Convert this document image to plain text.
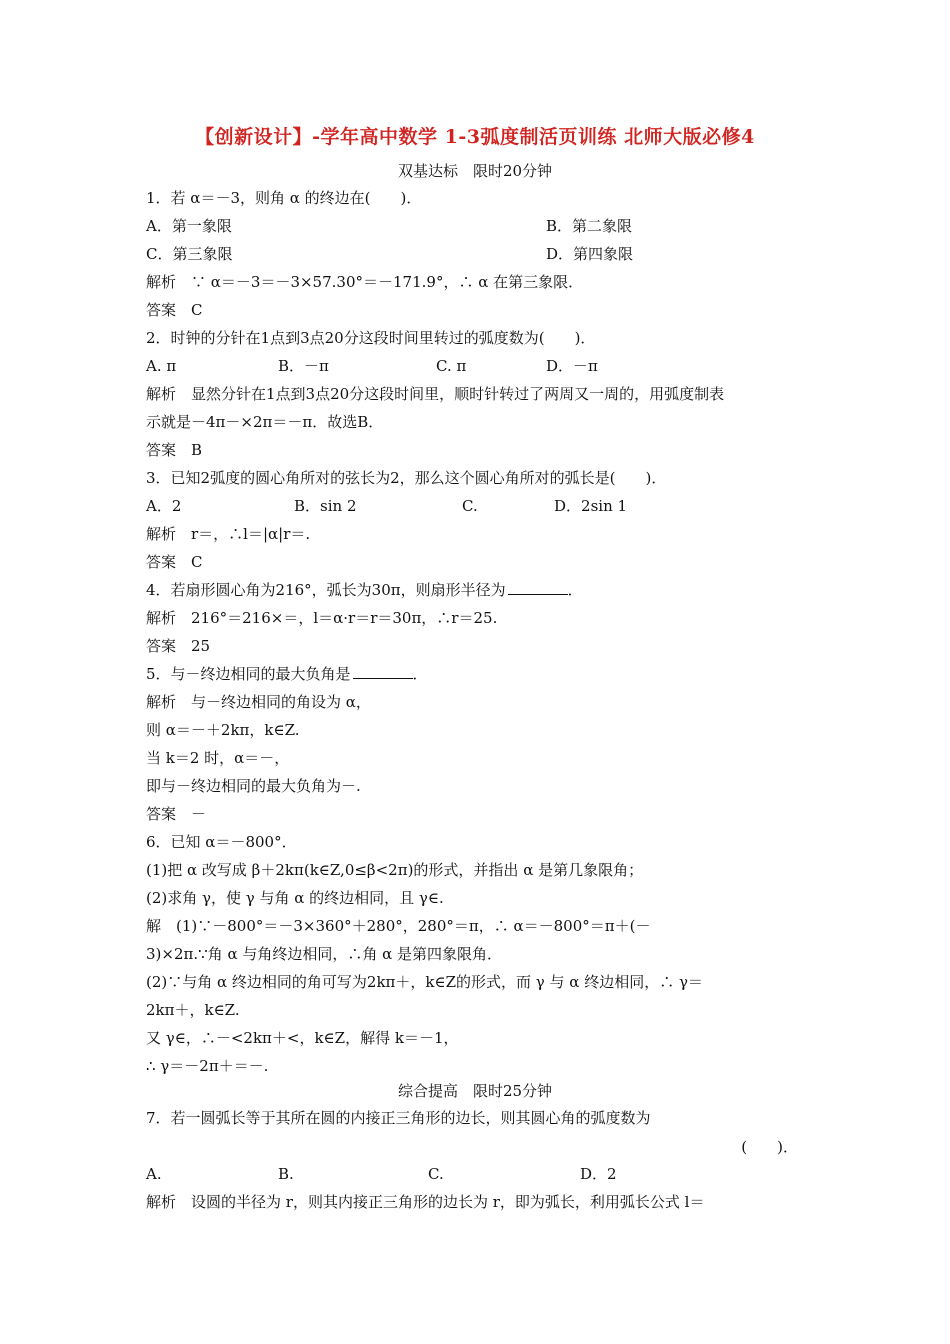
【创新设计】-学年高中数学 1-3弧度制活页训练 北师大版必修4
双基达标　限时20分钟
1．若 α＝－3，则角 α 的终边在(　　)．
A．第一象限	B．第二象限
C．第三象限	D．第四象限
解析　∵ α＝－3＝－3×57.30°＝－171.9°，∴ α 在第三象限．
答案　C
2．时钟的分针在1点到3点20分这段时间里转过的弧度数为(　　)．
A. π	B．－π	C. π	D．－π
解析　显然分针在1点到3点20分这段时间里，顺时针转过了两周又一周的，用弧度制表
示就是－4π－×2π＝－π．故选B．
答案　B
3．已知2弧度的圆心角所对的弦长为2，那么这个圆心角所对的弧长是(　　)．
A．2	B．sin 2	C.	D．2sin 1
解析　r＝，∴l＝|α|r＝.
答案　C
4．若扇形圆心角为216°，弧长为30π，则扇形半径为	．
解析　216°＝216×＝，l＝α·r＝r＝30π，∴r＝25.
答案　25
5．与－终边相同的最大负角是	．
解析　与－终边相同的角设为 α，
则 α＝－＋2kπ，k∈Z.
当 k＝2 时，α＝－，
即与－终边相同的最大负角为－.
答案　－
6．已知 α＝－800°．
(1)把 α 改写成 β＋2kπ(k∈Z,0≤β<2π)的形式，并指出 α 是第几象限角；
(2)求角 γ，使 γ 与角 α 的终边相同，且 γ∈.
解　(1)∵－800°＝－3×360°＋280°，280°＝π，∴ α＝－800°＝π＋(－
3)×2π.∵角 α 与角终边相同，∴角 α 是第四象限角．
(2)∵与角 α 终边相同的角可写为2kπ＋，k∈Z的形式，而 γ 与 α 终边相同，∴ γ＝
2kπ＋，k∈Z.
又 γ∈，∴－<2kπ＋<，k∈Z，解得 k＝－1，
∴ γ＝－2π＋＝－.
综合提高　限时25分钟
7．若一圆弧长等于其所在圆的内接正三角形的边长，则其圆心角的弧度数为
(　　)．
A.	B.	C.	D．2
解析　设圆的半径为 r，则其内接正三角形的边长为 r，即为弧长，利用弧长公式 l＝
